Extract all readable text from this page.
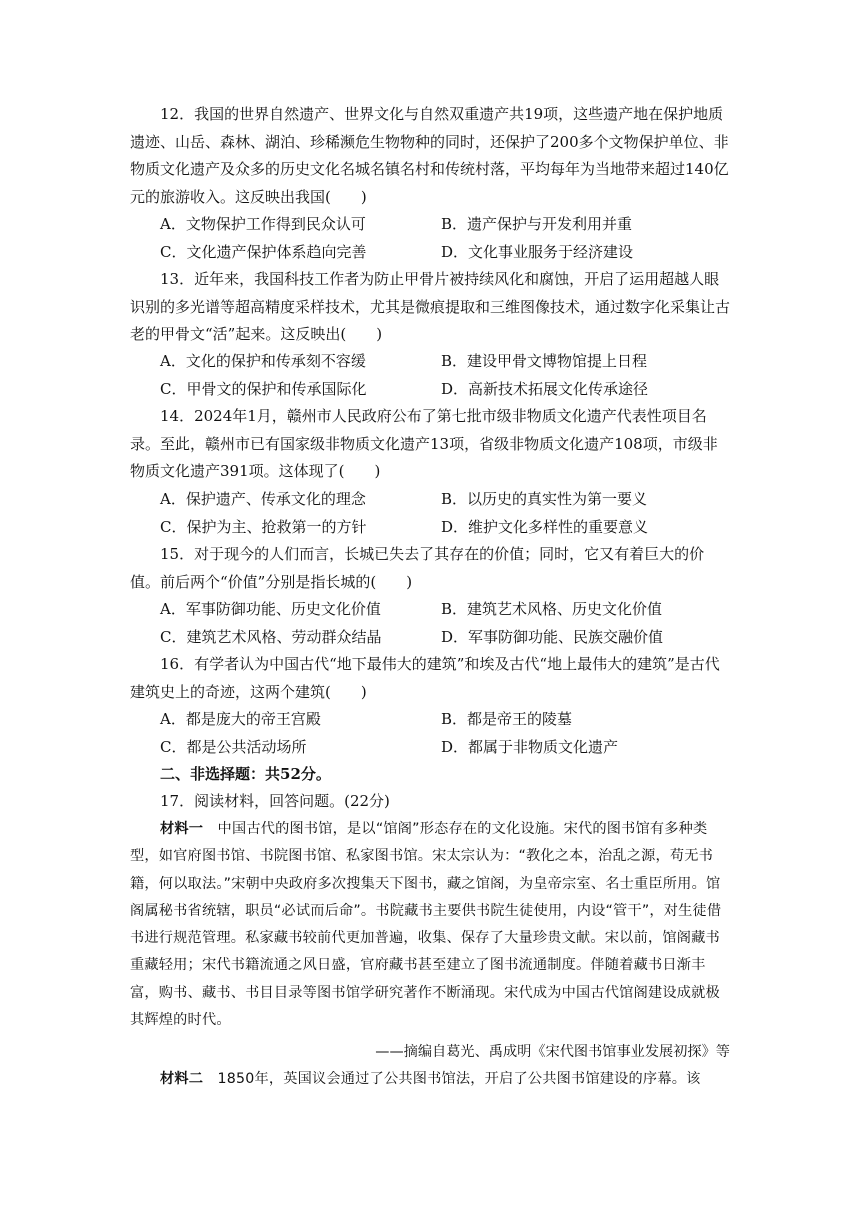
12．我国的世界自然遗产、世界文化与自然双重遗产共19项，这些遗产地在保护地质遗迹、山岳、森林、湖泊、珍稀濒危生物物种的同时，还保护了200多个文物保护单位、非物质文化遗产及众多的历史文化名城名镇名村和传统村落，平均每年为当地带来超过140亿元的旅游收入。这反映出我国(　　)

A．文物保护工作得到民众认可	B．遗产保护与开发利用并重
C．文化遗产保护体系趋向完善	D．文化事业服务于经济建设

13．近年来，我国科技工作者为防止甲骨片被持续风化和腐蚀，开启了运用超越人眼识别的多光谱等超高精度采样技术，尤其是微痕提取和三维图像技术，通过数字化采集让古老的甲骨文“活”起来。这反映出(　　)

A．文化的保护和传承刻不容缓	B．建设甲骨文博物馆提上日程
C．甲骨文的保护和传承国际化	D．高新技术拓展文化传承途径

14．2024年1月，赣州市人民政府公布了第七批市级非物质文化遗产代表性项目名录。至此，赣州市已有国家级非物质文化遗产13项，省级非物质文化遗产108项，市级非物质文化遗产391项。这体现了(　　)

A．保护遗产、传承文化的理念	B．以历史的真实性为第一要义
C．保护为主、抢救第一的方针	D．维护文化多样性的重要意义

15．对于现今的人们而言，长城已失去了其存在的价值；同时，它又有着巨大的价值。前后两个“价值”分别是指长城的(　　)

A．军事防御功能、历史文化价值	B．建筑艺术风格、历史文化价值
C．建筑艺术风格、劳动群众结晶	D．军事防御功能、民族交融价值

16．有学者认为中国古代“地下最伟大的建筑”和埃及古代“地上最伟大的建筑”是古代建筑史上的奇迹，这两个建筑(　　)

A．都是庞大的帝王宫殿	B．都是帝王的陵墓
C．都是公共活动场所	D．都属于非物质文化遗产

二、非选择题：共52分。

17．阅读材料，回答问题。(22分)

材料一　中国古代的图书馆，是以“馆阁”形态存在的文化设施。宋代的图书馆有多种类型，如官府图书馆、书院图书馆、私家图书馆。宋太宗认为：“教化之本，治乱之源，苟无书籍，何以取法。”宋朝中央政府多次搜集天下图书，藏之馆阁，为皇帝宗室、名士重臣所用。馆阁属秘书省统辖，职员“必试而后命”。书院藏书主要供书院生徒使用，内设“管干”，对生徒借书进行规范管理。私家藏书较前代更加普遍，收集、保存了大量珍贵文献。宋以前，馆阁藏书重藏轻用；宋代书籍流通之风日盛，官府藏书甚至建立了图书流通制度。伴随着藏书日渐丰富，购书、藏书、书目目录等图书馆学研究著作不断涌现。宋代成为中国古代馆阁建设成就极其辉煌的时代。

——摘编自葛光、禹成明《宋代图书馆事业发展初探》等

材料二　1850年，英国议会通过了公共图书馆法，开启了公共图书馆建设的序幕。该
